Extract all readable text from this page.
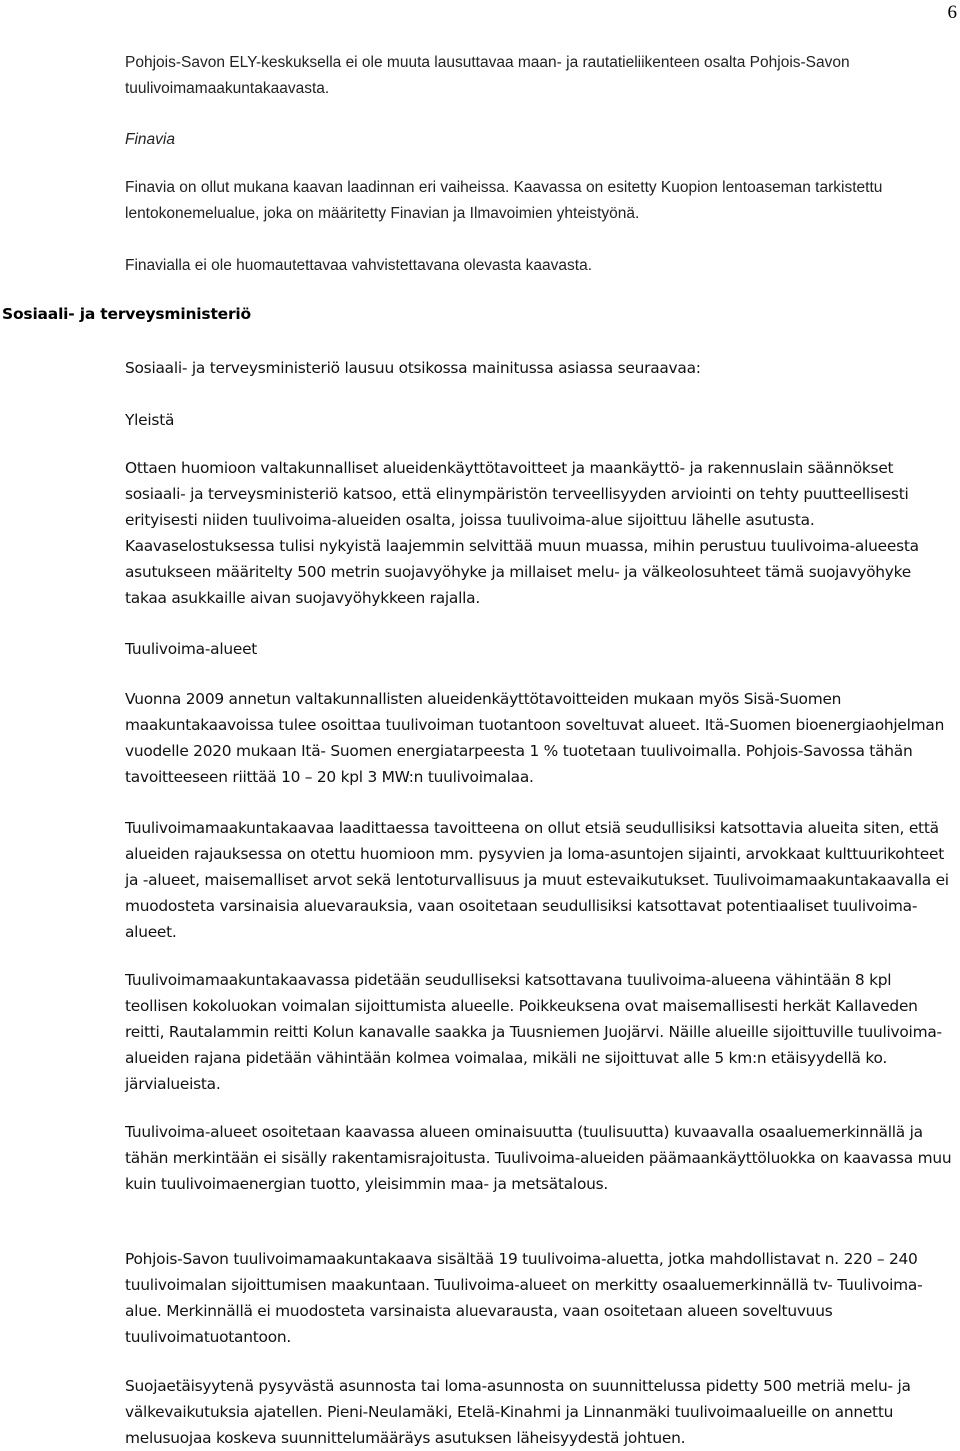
6

Pohjois-Savon ELY-keskuksella ei ole muuta lausuttavaa maan- ja rautatieliikenteen osalta Pohjois-Savon tuulivoimamaakuntakaavasta.

Finavia

Finavia on ollut mukana kaavan laadinnan eri vaiheissa. Kaavassa on esitetty Kuopion lentoaseman tarkistettu lentokonemelualue, joka on määritetty Finavian ja Ilmavoimien yhteistyönä.

Finavialla ei ole huomautettavaa vahvistettavana olevasta kaavasta.

Sosiaali- ja terveysministeriö

Sosiaali- ja terveysministeriö lausuu otsikossa mainitussa asiassa seuraavaa:

Yleistä

Ottaen huomioon valtakunnalliset alueidenkäyttötavoitteet ja maankäyttö- ja rakennuslain säännökset sosiaali- ja terveysministeriö katsoo, että elinympäristön terveellisyyden arviointi on tehty puutteellisesti erityisesti niiden tuulivoima-alueiden osalta, joissa tuulivoima-alue sijoittuu lähelle asutusta. Kaavaselostuksessa tulisi nykyistä laajemmin selvittää muun muassa, mihin perustuu tuulivoima-alueesta asutukseen määritelty 500 metrin suojavyöhyke ja millaiset melu- ja välkeolosuhteet tämä suojavyöhyke takaa asukkaille aivan suojavyöhykkeen rajalla.

Tuulivoima-alueet

Vuonna 2009 annetun valtakunnallisten alueidenkäyttötavoitteiden mukaan myös Sisä-Suomen maakuntakaavoissa tulee osoittaa tuulivoiman tuotantoon soveltuvat alueet. Itä-Suomen bioenergiaohjelman vuodelle 2020 mukaan Itä- Suomen energiatarpeesta 1 % tuotetaan tuulivoimalla. Pohjois-Savossa tähän tavoitteeseen riittää 10 – 20 kpl 3 MW:n tuulivoimalaa.

Tuulivoimamaakuntakaavaa laadittaessa tavoitteena on ollut etsiä seudullisiksi katsottavia alueita siten, että alueiden rajauksessa on otettu huomioon mm. pysyvien ja loma-asuntojen sijainti, arvokkaat kulttuurikohteet ja -alueet, maisemalliset arvot sekä lentoturvallisuus ja muut estevaikutukset. Tuulivoimamaakuntakaavalla ei muodosteta varsinaisia aluevarauksia, vaan osoitetaan seudullisiksi katsottavat potentiaaliset tuulivoima-alueet.

Tuulivoimamaakuntakaavassa pidetään seudulliseksi katsottavana tuulivoima-alueena vähintään 8 kpl teollisen kokoluokan voimalan sijoittumista alueelle. Poikkeuksena ovat maisemallisesti herkät Kallaveden reitti, Rautalammin reitti Kolun kanavalle saakka ja Tuusniemen Juojärvi. Näille alueille sijoittuville tuulivoima-alueiden rajana pidetään vähintään kolmea voimalaa, mikäli ne sijoittuvat alle 5 km:n etäisyydellä ko. järvialueista.

Tuulivoima-alueet osoitetaan kaavassa alueen ominaisuutta (tuulisuutta) kuvaavalla osaaluemerkinnällä ja tähän merkintään ei sisälly rakentamisrajoitusta. Tuulivoima-alueiden päämaankäyttöluokka on kaavassa muu kuin tuulivoimaenergian tuotto, yleisimmin maa- ja metsätalous.

Pohjois-Savon tuulivoimamaakuntakaava sisältää 19 tuulivoima-aluetta, jotka mahdollistavat n. 220 – 240 tuulivoimalan sijoittumisen maakuntaan. Tuulivoima-alueet on merkitty osaaluemerkinnällä tv- Tuulivoima-alue. Merkinnällä ei muodosteta varsinaista aluevarausta, vaan osoitetaan alueen soveltuvuus tuulivoimatuotantoon.

Suojaetäisyytenä pysyvästä asunnosta tai loma-asunnosta on suunnittelussa pidetty 500 metriä melu- ja välkevaikutuksia ajatellen. Pieni-Neulamäki, Etelä-Kinahmi ja Linnanmäki tuulivoimaalueille on annettu melusuojaa koskeva suunnittelumääräys asutuksen läheisyydestä johtuen.
